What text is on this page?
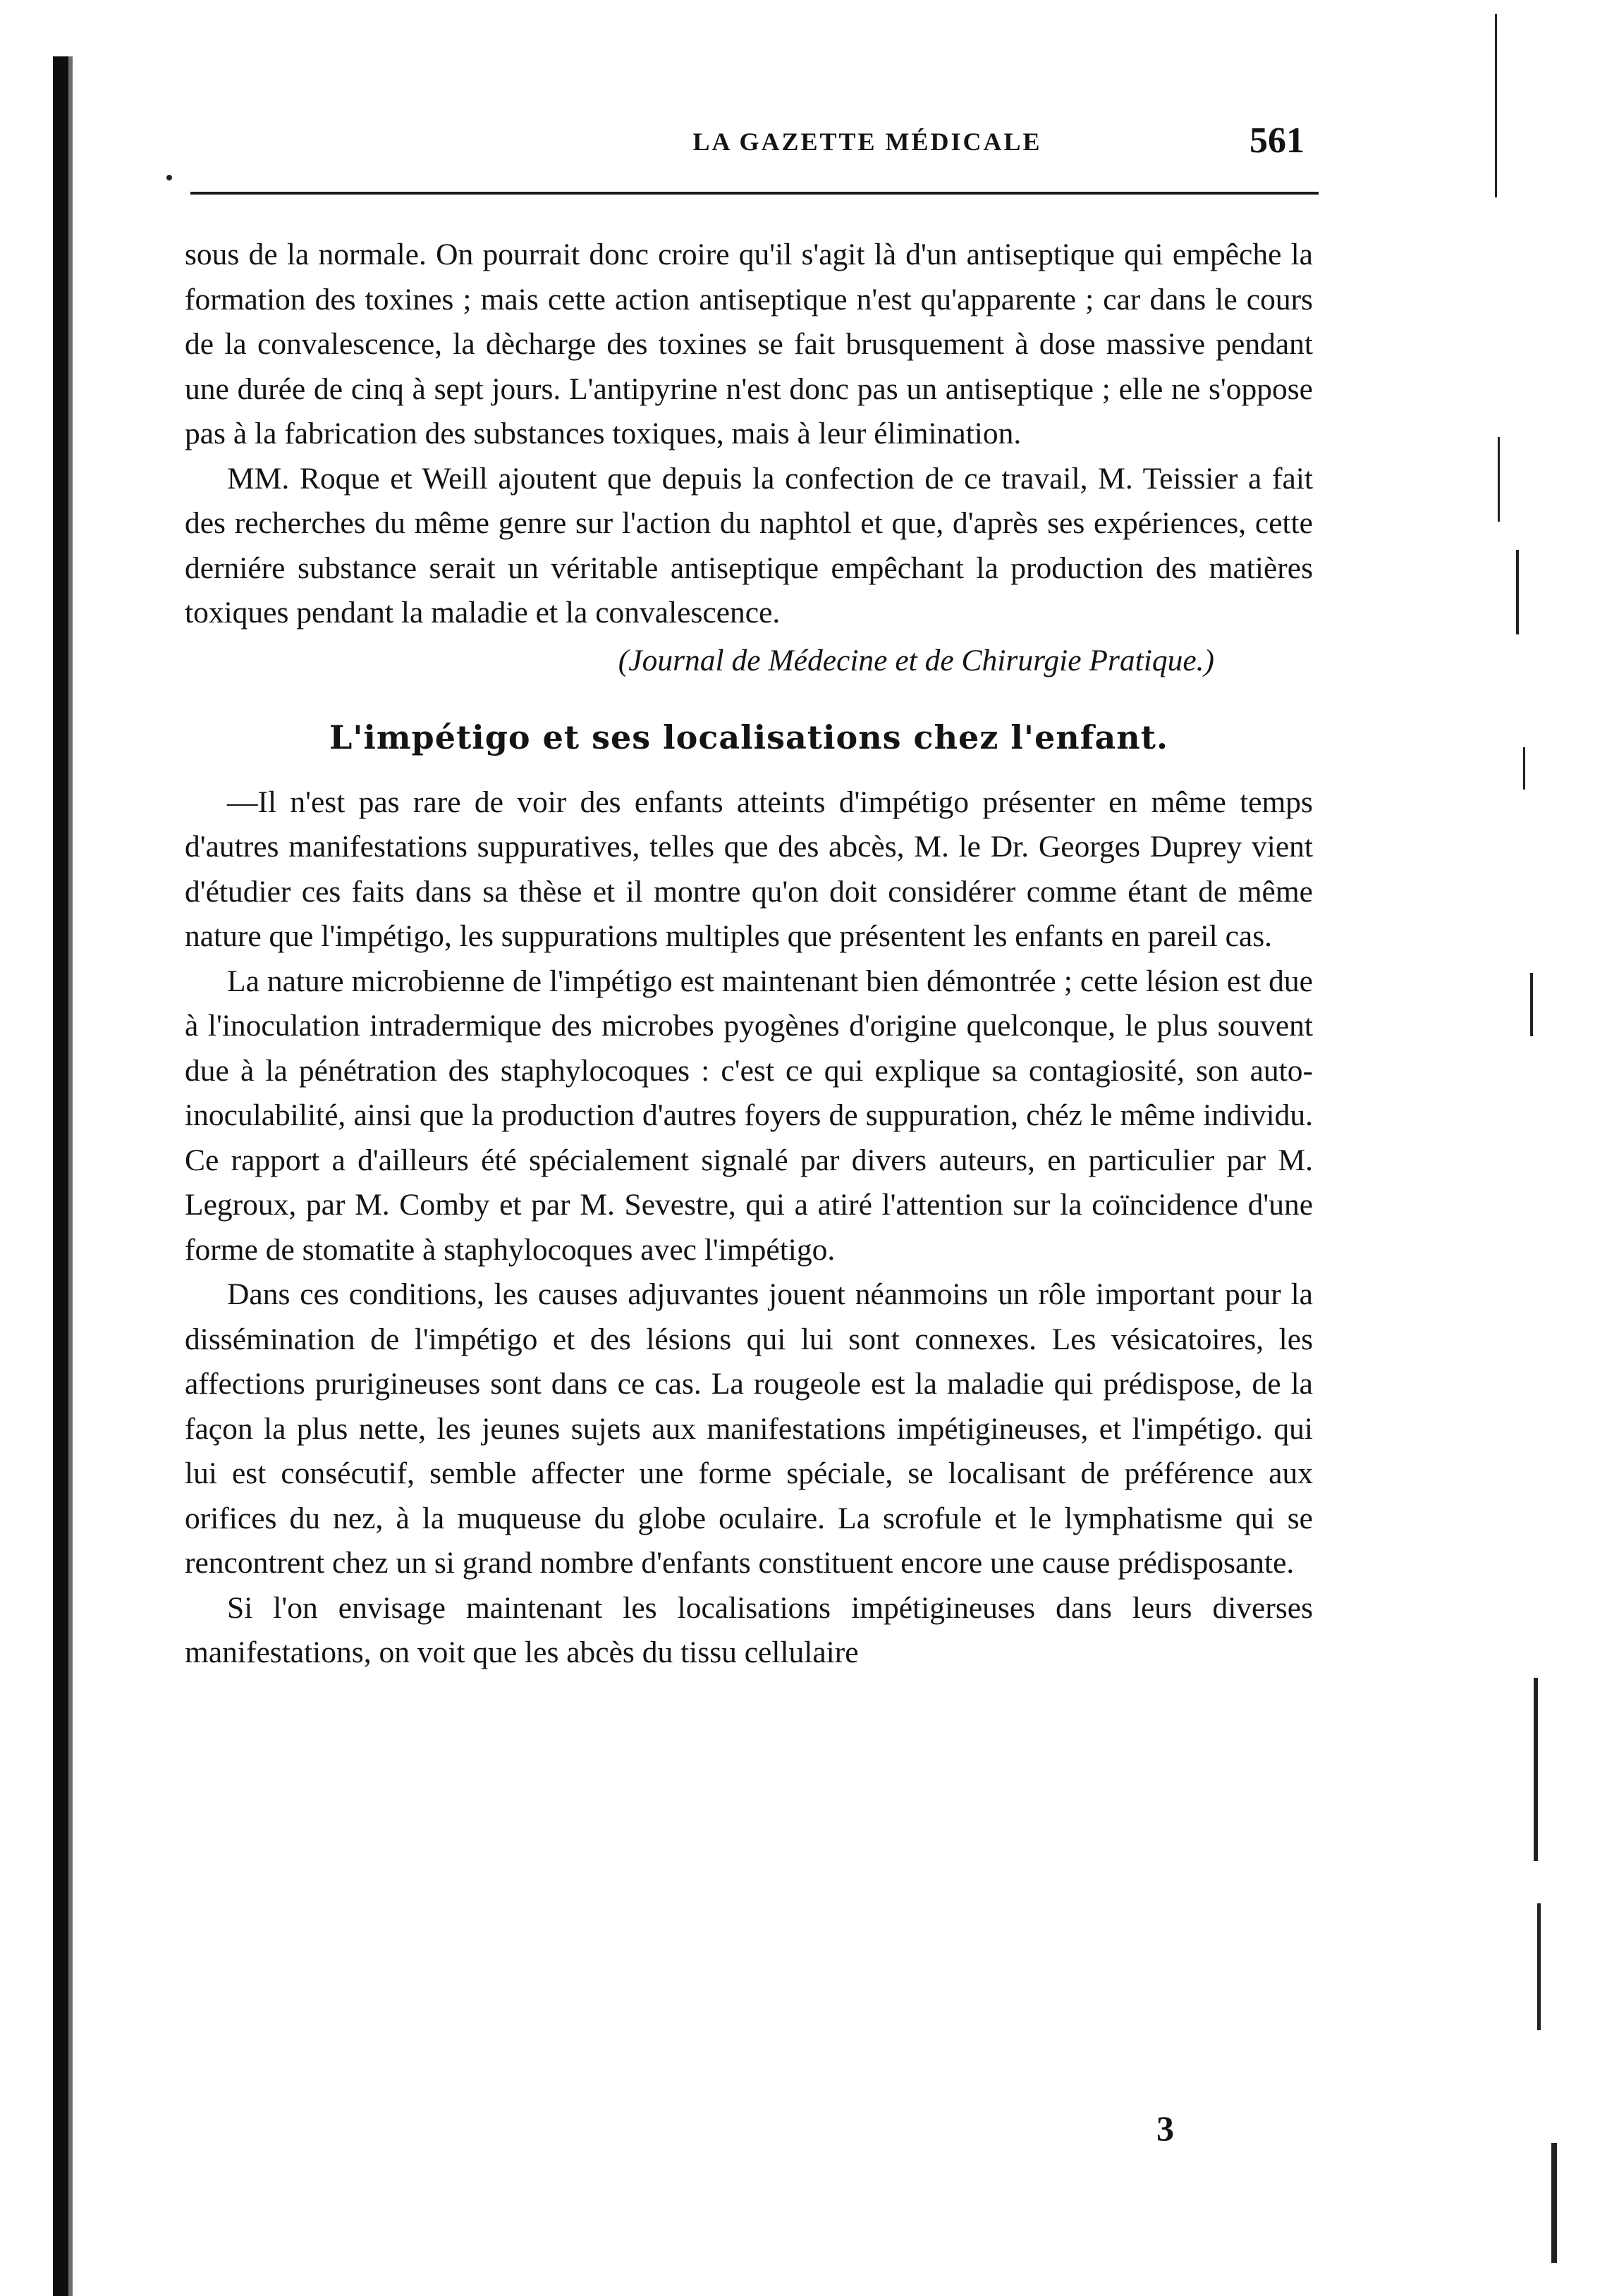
LA GAZETTE MÉDICALE	561

sous de la normale. On pourrait donc croire qu'il s'agit là d'un antiseptique qui empêche la formation des toxines ; mais cette action antiseptique n'est qu'apparente ; car dans le cours de la convalescence, la dècharge des toxines se fait brusquement à dose massive pendant une durée de cinq à sept jours. L'antipyrine n'est donc pas un antiseptique ; elle ne s'oppose pas à la fabrication des substances toxiques, mais à leur élimination.

MM. Roque et Weill ajoutent que depuis la confection de ce travail, M. Teissier a fait des recherches du même genre sur l'action du naphtol et que, d'après ses expériences, cette derniére substance serait un véritable antiseptique empêchant la production des matières toxiques pendant la maladie et la convalescence.

(Journal de Médecine et de Chirurgie Pratique.)

L'impétigo et ses localisations chez l'enfant.

—Il n'est pas rare de voir des enfants atteints d'impétigo présenter en même temps d'autres manifestations suppuratives, telles que des abcès, M. le Dr. Georges Duprey vient d'étudier ces faits dans sa thèse et il montre qu'on doit considérer comme étant de même nature que l'impétigo, les suppurations multiples que présentent les enfants en pareil cas.

La nature microbienne de l'impétigo est maintenant bien démontrée ; cette lésion est due à l'inoculation intradermique des microbes pyogènes d'origine quelconque, le plus souvent due à la pénétration des staphylocoques : c'est ce qui explique sa contagiosité, son auto-inoculabilité, ainsi que la production d'autres foyers de suppuration, chéz le même individu. Ce rapport a d'ailleurs été spécialement signalé par divers auteurs, en particulier par M. Legroux, par M. Comby et par M. Sevestre, qui a atiré l'attention sur la coïncidence d'une forme de stomatite à staphylocoques avec l'impétigo.

Dans ces conditions, les causes adjuvantes jouent néanmoins un rôle important pour la dissémination de l'impétigo et des lésions qui lui sont connexes. Les vésicatoires, les affections prurigineuses sont dans ce cas. La rougeole est la maladie qui prédispose, de la façon la plus nette, les jeunes sujets aux manifestations impétigineuses, et l'impétigo. qui lui est consécutif, semble affecter une forme spéciale, se localisant de préférence aux orifices du nez, à la muqueuse du globe oculaire. La scrofule et le lymphatisme qui se rencontrent chez un si grand nombre d'enfants constituent encore une cause prédisposante.

Si l'on envisage maintenant les localisations impétigineuses dans leurs diverses manifestations, on voit que les abcès du tissu cellulaire

3
